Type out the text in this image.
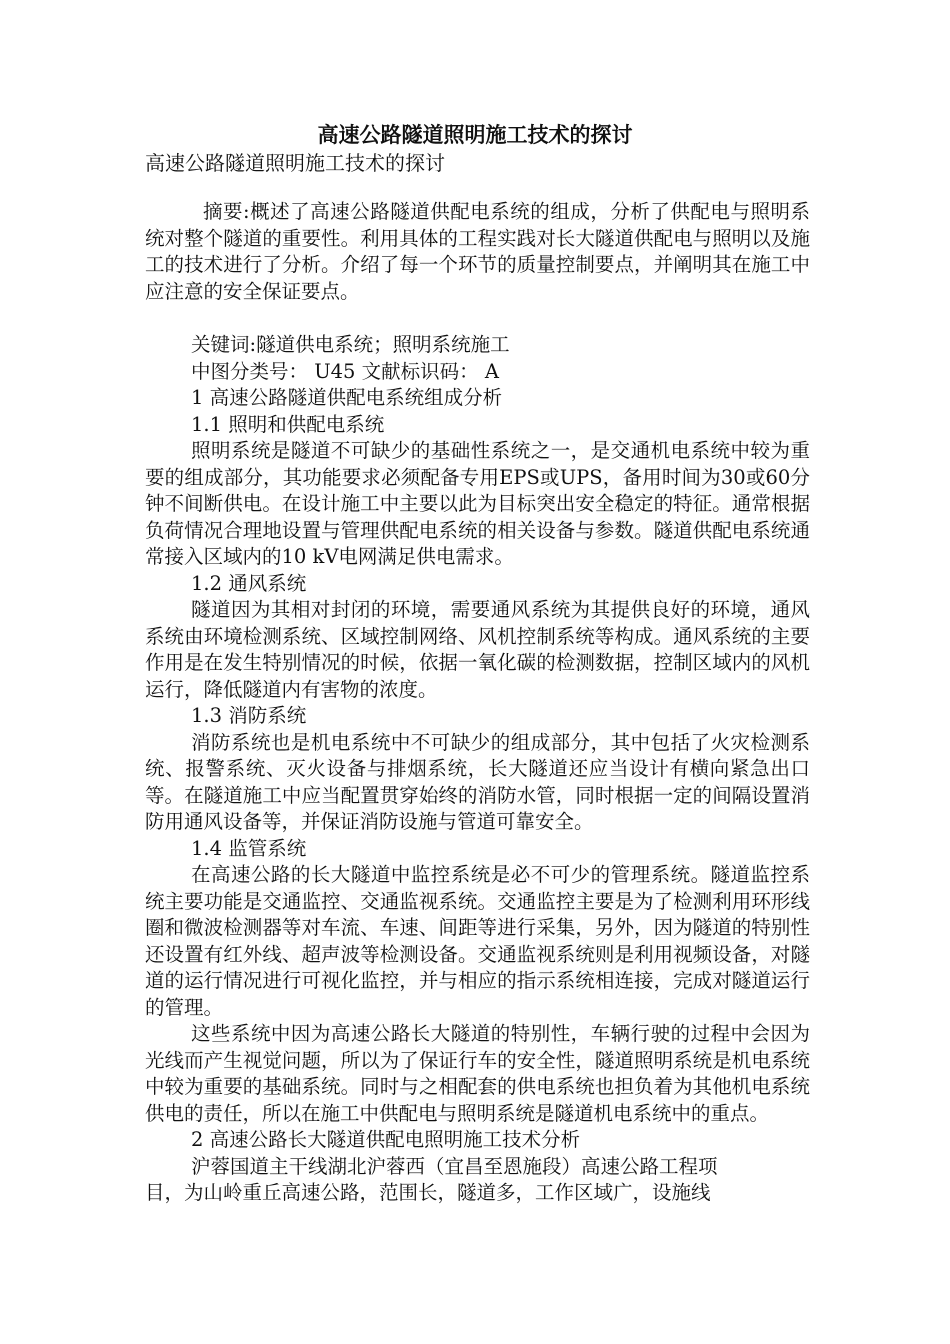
高速公路隧道照明施工技术的探讨
高速公路隧道照明施工技术的探讨

摘要:概述了高速公路隧道供配电系统的组成，分析了供配电与照明系统对整个隧道的重要性。利用具体的工程实践对长大隧道供配电与照明以及施工的技术进行了分析。介绍了每一个环节的质量控制要点，并阐明其在施工中应注意的安全保证要点。

关键词:隧道供电系统；照明系统施工

中图分类号： U45 文献标识码： A

1 高速公路隧道供配电系统组成分析

1.1 照明和供配电系统

照明系统是隧道不可缺少的基础性系统之一，是交通机电系统中较为重要的组成部分，其功能要求必须配备专用EPS或UPS，备用时间为30或60分钟不间断供电。在设计施工中主要以此为目标突出安全稳定的特征。通常根据负荷情况合理地设置与管理供配电系统的相关设备与参数。隧道供配电系统通常接入区域内的10 kV电网满足供电需求。

1.2 通风系统

隧道因为其相对封闭的环境，需要通风系统为其提供良好的环境，通风系统由环境检测系统、区域控制网络、风机控制系统等构成。通风系统的主要作用是在发生特别情况的时候，依据一氧化碳的检测数据，控制区域内的风机运行，降低隧道内有害物的浓度。

1.3 消防系统

消防系统也是机电系统中不可缺少的组成部分，其中包括了火灾检测系统、报警系统、灭火设备与排烟系统，长大隧道还应当设计有横向紧急出口等。在隧道施工中应当配置贯穿始终的消防水管，同时根据一定的间隔设置消防用通风设备等，并保证消防设施与管道可靠安全。

1.4 监管系统

在高速公路的长大隧道中监控系统是必不可少的管理系统。隧道监控系统主要功能是交通监控、交通监视系统。交通监控主要是为了检测利用环形线圈和微波检测器等对车流、车速、间距等进行采集，另外，因为隧道的特别性还设置有红外线、超声波等检测设备。交通监视系统则是利用视频设备，对隧道的运行情况进行可视化监控，并与相应的指示系统相连接，完成对隧道运行的管理。

这些系统中因为高速公路长大隧道的特别性，车辆行驶的过程中会因为光线而产生视觉问题，所以为了保证行车的安全性，隧道照明系统是机电系统中较为重要的基础系统。同时与之相配套的供电系统也担负着为其他机电系统供电的责任，所以在施工中供配电与照明系统是隧道机电系统中的重点。

2 高速公路长大隧道供配电照明施工技术分析

沪蓉国道主干线湖北沪蓉西（宜昌至恩施段）高速公路工程项

目，为山岭重丘高速公路，范围长，隧道多，工作区域广，设施线
